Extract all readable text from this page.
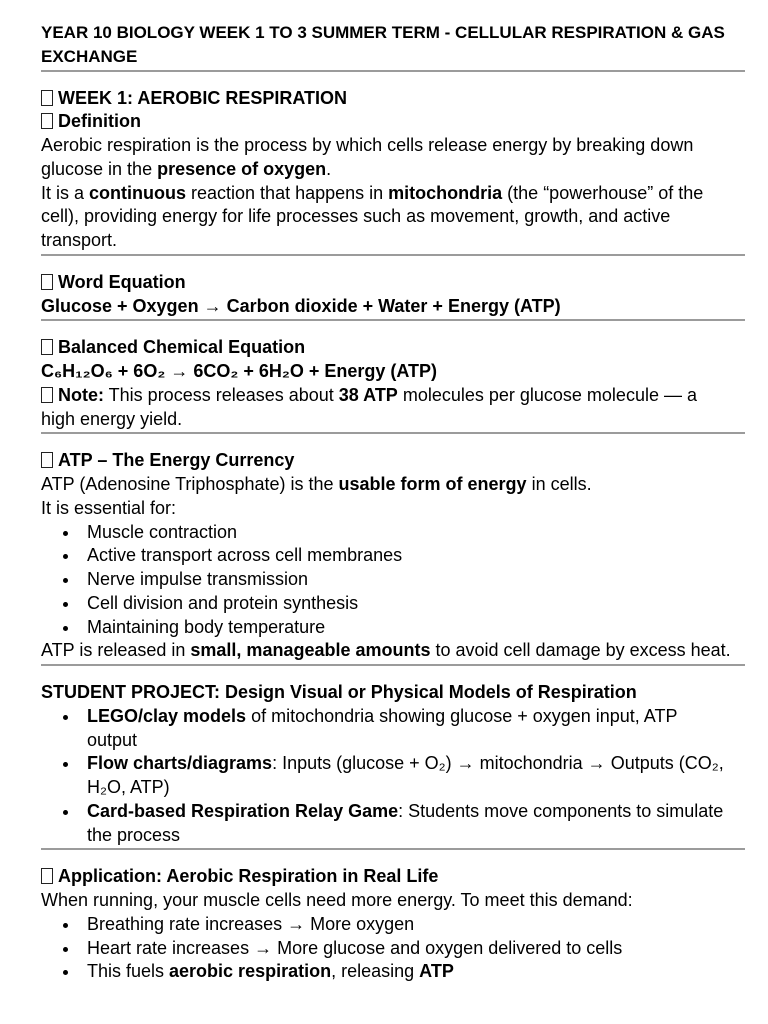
YEAR 10 BIOLOGY WEEK 1 TO 3 SUMMER TERM - CELLULAR RESPIRATION & GAS EXCHANGE
WEEK 1: AEROBIC RESPIRATION
Definition
Aerobic respiration is the process by which cells release energy by breaking down
glucose in the presence of oxygen.
It is a continuous reaction that happens in mitochondria (the “powerhouse” of the
cell), providing energy for life processes such as movement, growth, and active
transport.
Word Equation
Glucose + Oxygen → Carbon dioxide + Water + Energy (ATP)
Balanced Chemical Equation
C₆H₁₂O₆ + 6O₂ → 6CO₂ + 6H₂O + Energy (ATP)
Note: This process releases about 38 ATP molecules per glucose molecule — a
high energy yield.
ATP – The Energy Currency
ATP (Adenosine Triphosphate) is the usable form of energy in cells.
It is essential for:
Muscle contraction
Active transport across cell membranes
Nerve impulse transmission
Cell division and protein synthesis
Maintaining body temperature
ATP is released in small, manageable amounts to avoid cell damage by excess heat.
STUDENT PROJECT: Design Visual or Physical Models of Respiration
LEGO/clay models of mitochondria showing glucose + oxygen input, ATP
output
Flow charts/diagrams: Inputs (glucose + O₂) → mitochondria → Outputs (CO₂,
H₂O, ATP)
Card-based Respiration Relay Game: Students move components to simulate
the process
Application: Aerobic Respiration in Real Life
When running, your muscle cells need more energy. To meet this demand:
Breathing rate increases → More oxygen
Heart rate increases → More glucose and oxygen delivered to cells
This fuels aerobic respiration, releasing ATP
